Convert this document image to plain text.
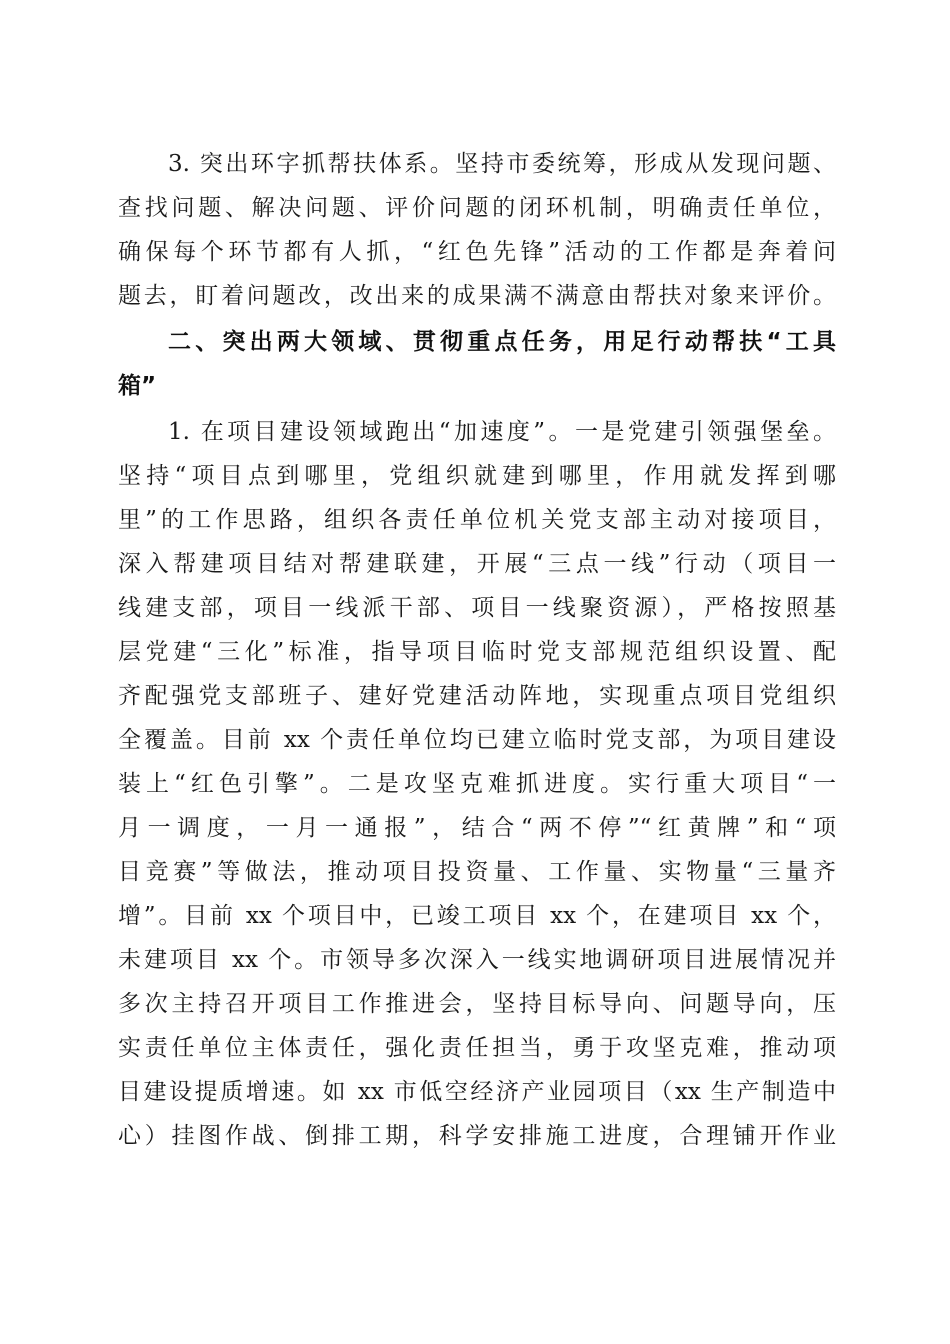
3. 突出环字抓帮扶体系。坚持市委统筹，形成从发现问题、
查找问题、解决问题、评价问题的闭环机制，明确责任单位，
确保每个环节都有人抓，“红色先锋”活动的工作都是奔着问
题去，盯着问题改，改出来的成果满不满意由帮扶对象来评价。
二、突出两大领域、贯彻重点任务，用足行动帮扶“工具
箱”
1. 在项目建设领域跑出“加速度”。一是党建引领强堡垒。
坚持“项目点到哪里，党组织就建到哪里，作用就发挥到哪
里”的工作思路，组织各责任单位机关党支部主动对接项目，
深入帮建项目结对帮建联建，开展“三点一线”行动（项目一
线建支部，项目一线派干部、项目一线聚资源），严格按照基
层党建“三化”标准，指导项目临时党支部规范组织设置、配
齐配强党支部班子、建好党建活动阵地，实现重点项目党组织
全覆盖。目前 xx 个责任单位均已建立临时党支部，为项目建设
装上“红色引擎”。二是攻坚克难抓进度。实行重大项目“一
月一调度，一月一通报”，结合“两不停”“红黄牌”和“项
目竞赛”等做法，推动项目投资量、工作量、实物量“三量齐
增”。目前 xx 个项目中，已竣工项目 xx 个，在建项目 xx 个，
未建项目 xx 个。市领导多次深入一线实地调研项目进展情况并
多次主持召开项目工作推进会，坚持目标导向、问题导向，压
实责任单位主体责任，强化责任担当，勇于攻坚克难，推动项
目建设提质增速。如 xx 市低空经济产业园项目（xx 生产制造中
心）挂图作战、倒排工期，科学安排施工进度，合理铺开作业
